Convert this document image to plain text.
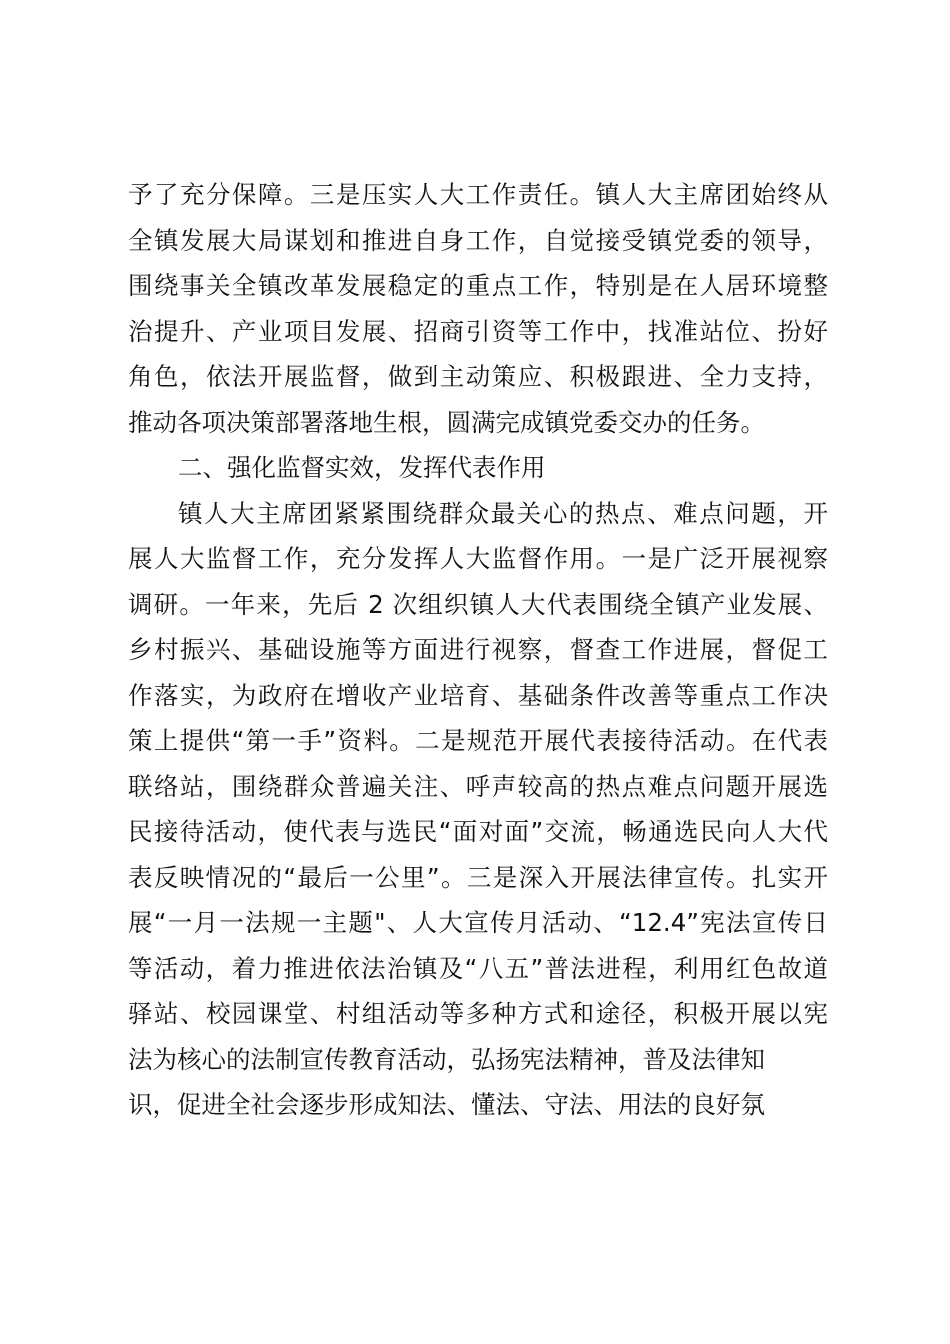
予了充分保障。三是压实人大工作责任。镇人大主席团始终从
全镇发展大局谋划和推进自身工作，自觉接受镇党委的领导，
围绕事关全镇改革发展稳定的重点工作，特别是在人居环境整
治提升、产业项目发展、招商引资等工作中，找准站位、扮好
角色，依法开展监督，做到主动策应、积极跟进、全力支持，
推动各项决策部署落地生根，圆满完成镇党委交办的任务。
二、强化监督实效，发挥代表作用
镇人大主席团紧紧围绕群众最关心的热点、难点问题，开
展人大监督工作，充分发挥人大监督作用。一是广泛开展视察
调研。一年来，先后 2 次组织镇人大代表围绕全镇产业发展、
乡村振兴、基础设施等方面进行视察，督查工作进展，督促工
作落实，为政府在增收产业培育、基础条件改善等重点工作决
策上提供“第一手”资料。二是规范开展代表接待活动。在代表
联络站，围绕群众普遍关注、呼声较高的热点难点问题开展选
民接待活动，使代表与选民“面对面”交流，畅通选民向人大代
表反映情况的“最后一公里”。三是深入开展法律宣传。扎实开
展“一月一法规一主题"、人大宣传月活动、“12.4”宪法宣传日
等活动，着力推进依法治镇及“八五”普法进程，利用红色故道
驿站、校园课堂、村组活动等多种方式和途径，积极开展以宪
法为核心的法制宣传教育活动，弘扬宪法精神，普及法律知
识，促进全社会逐步形成知法、懂法、守法、用法的良好氛
